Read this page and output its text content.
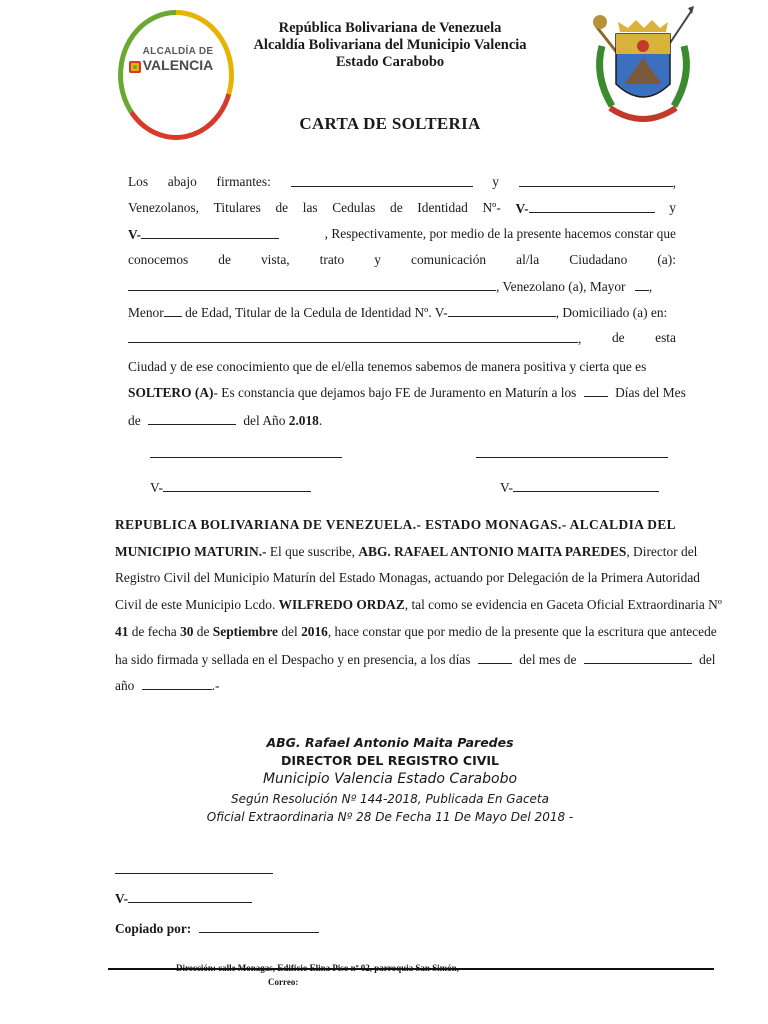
ALCALDÍA DE
VALENCIA
República Bolivariana de Venezuela
Alcaldía Bolivariana del Municipio Valencia
Estado Carabobo
CARTA DE SOLTERIA
Los abajo firmantes:	y	,
Venezolanos, Titulares de las Cedulas de Identidad Nº- V-	y
V-	, Respectivamente, por medio de la presente hacemos constar que
conocemos de vista, trato y comunicación al/la Ciudadano (a):
, Venezolano (a), Mayor ,
Menor de Edad, Titular de la Cedula de Identidad Nº. V-	, Domiciliado (a) en:
, de esta
Ciudad y de ese conocimiento que de el/ella tenemos sabemos de manera positiva y cierta que es
SOLTERO (A)- Es constancia que dejamos bajo FE de Juramento en Maturín a los	Días del Mes
de	del Año 2.018.
V-	V-
REPUBLICA BOLIVARIANA DE VENEZUELA.- ESTADO MONAGAS.- ALCALDIA DEL
MUNICIPIO MATURIN.- El que suscribe, ABG. RAFAEL ANTONIO MAITA PAREDES, Director del
Registro Civil del Municipio Maturín del Estado Monagas, actuando por Delegación de la Primera Autoridad
Civil de este Municipio Lcdo. WILFREDO ORDAZ, tal como se evidencia en Gaceta Oficial Extraordinaria Nº
41 de fecha 30 de Septiembre del 2016, hace constar que por medio de la presente que la escritura que antecede
ha sido firmada y sellada en el Despacho y en presencia, a los días	del mes de	del
año	.-
ABG. Rafael Antonio Maita Paredes
DIRECTOR DEL REGISTRO CIVIL
Municipio Valencia Estado Carabobo
Según Resolución Nº 144-2018, Publicada En Gaceta
Oficial Extraordinaria Nº 28 De Fecha 11 De Mayo Del 2018 -
V-
Copiado por:
Dirección: calle Monagas, Edificio Elina Piso nº 02, parroquia San Simón,
Correo:
